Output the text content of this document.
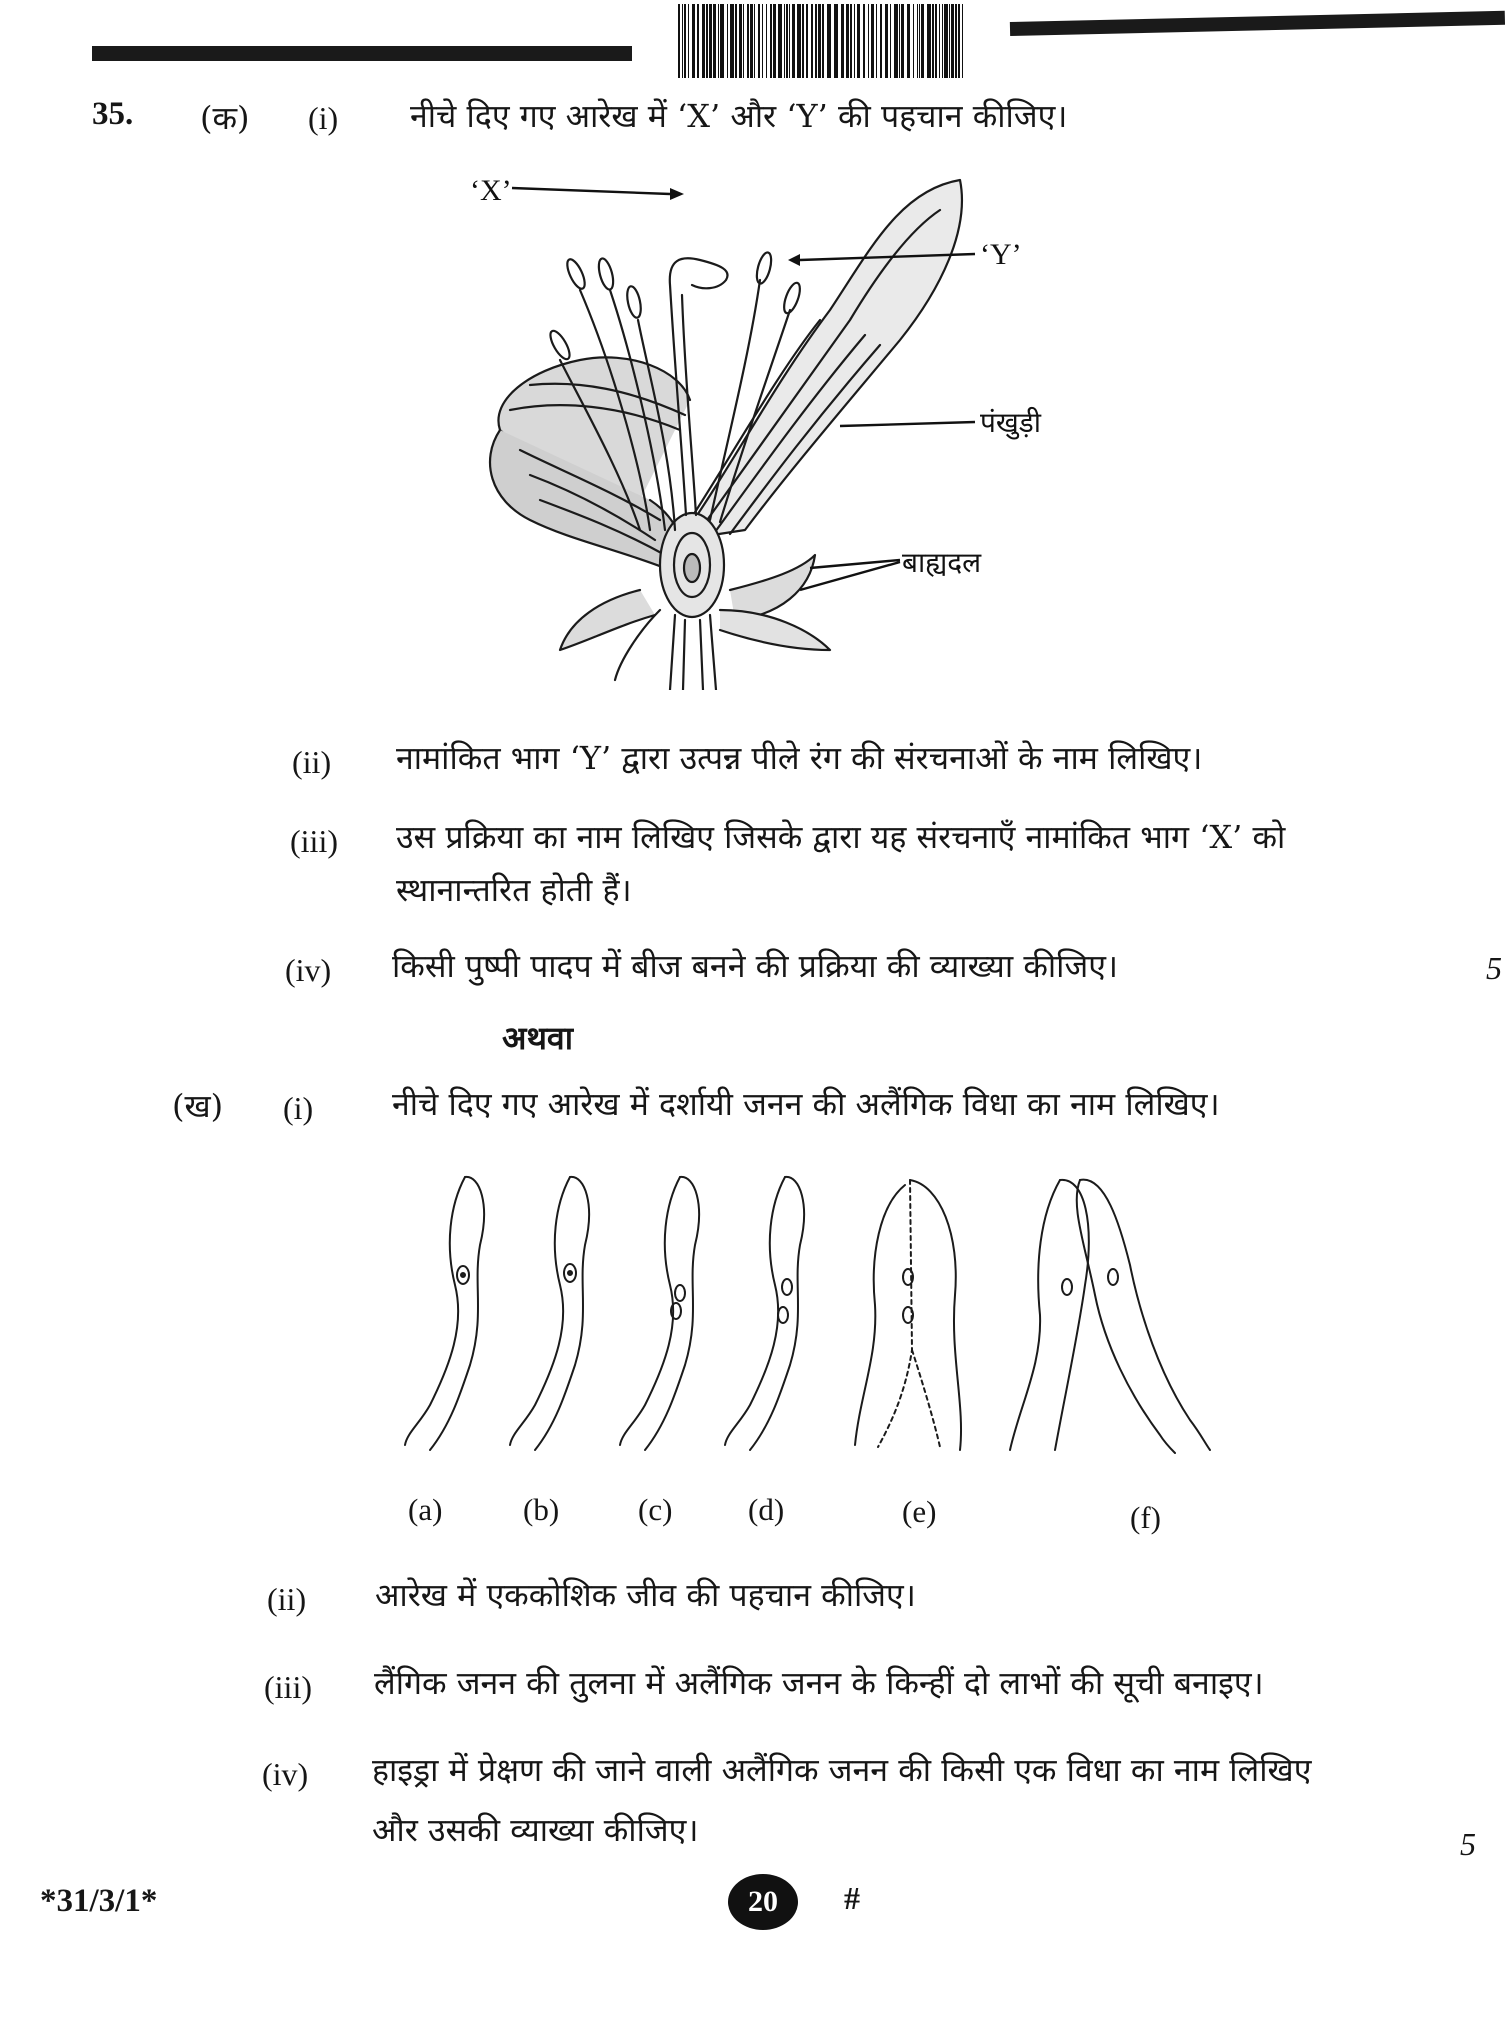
35. (क) (i) नीचे दिए गए आरेख में ‘X’ और ‘Y’ की पहचान कीजिए।
‘X’
‘Y’
पंखुड़ी
बाह्यदल
(ii) नामांकित भाग ‘Y’ द्वारा उत्पन्न पीले रंग की संरचनाओं के नाम लिखिए।
(iii) उस प्रक्रिया का नाम लिखिए जिसके द्वारा यह संरचनाएँ नामांकित भाग ‘X’ को
स्थानान्तरित होती हैं।
(iv) किसी पुष्पी पादप में बीज बनने की प्रक्रिया की व्याख्या कीजिए।	5
अथवा
(ख) (i) नीचे दिए गए आरेख में दर्शायी जनन की अलैंगिक विधा का नाम लिखिए।
(a)	(b)	(c) (d)	(e)	(f)
(ii) आरेख में एककोशिक जीव की पहचान कीजिए।
(iii) लैंगिक जनन की तुलना में अलैंगिक जनन के किन्हीं दो लाभों की सूची बनाइए।
(iv) हाइड्रा में प्रेक्षण की जाने वाली अलैंगिक जनन की किसी एक विधा का नाम लिखिए
और उसकी व्याख्या कीजिए।	5
*31/3/1*	20 #
